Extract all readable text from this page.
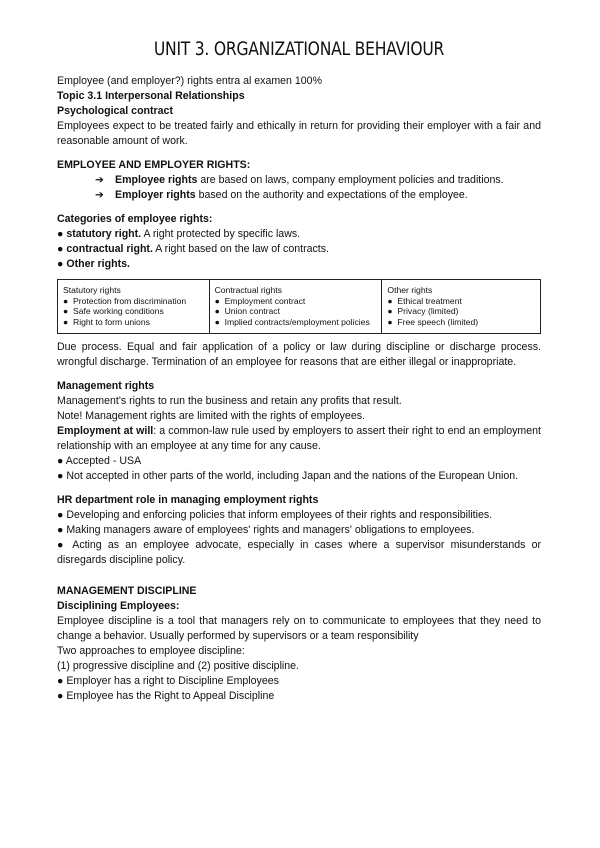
UNIT 3. ORGANIZATIONAL BEHAVIOUR

Employee (and employer?) rights entra al examen 100%

Topic 3.1 Interpersonal Relationships

Psychological contract

Employees expect to be treated fairly and ethically in return for providing their employer with a fair and reasonable amount of work.

EMPLOYEE AND EMPLOYER RIGHTS:

➔ Employee rights are based on laws, company employment policies and traditions.
➔ Employer rights based on the authority and expectations of the employee.

Categories of employee rights:

● statutory right. A right protected by specific laws.

● contractual right. A right based on the law of contracts.

● Other rights.

Statutory rights
● Protection from discrimination
● Safe working conditions
● Right to form unions

Contractual rights
● Employment contract
● Union contract
● Implied contracts/employment policies

Other rights
● Ethical treatment
● Privacy (limited)
● Free speech (limited)

Due process. Equal and fair application of a policy or law during discipline or discharge process. wrongful discharge. Termination of an employee for reasons that are either illegal or inappropriate.

Management rights

Management's rights to run the business and retain any profits that result.

Note! Management rights are limited with the rights of employees.

Employment at will: a common-law rule used by employers to assert their right to end an employment relationship with an employee at any time for any cause.

● Accepted - USA

● Not accepted in other parts of the world, including Japan and the nations of the European Union.

HR department role in managing employment rights

● Developing and enforcing policies that inform employees of their rights and responsibilities.

● Making managers aware of employees' rights and managers' obligations to employees.

● Acting as an employee advocate, especially in cases where a supervisor misunderstands or disregards discipline policy.

MANAGEMENT DISCIPLINE

Disciplining Employees:

Employee discipline is a tool that managers rely on to communicate to employees that they need to change a behavior. Usually performed by supervisors or a team responsibility

Two approaches to employee discipline:

(1) progressive discipline and (2) positive discipline.

● Employer has a right to Discipline Employees

● Employee has the Right to Appeal Discipline
